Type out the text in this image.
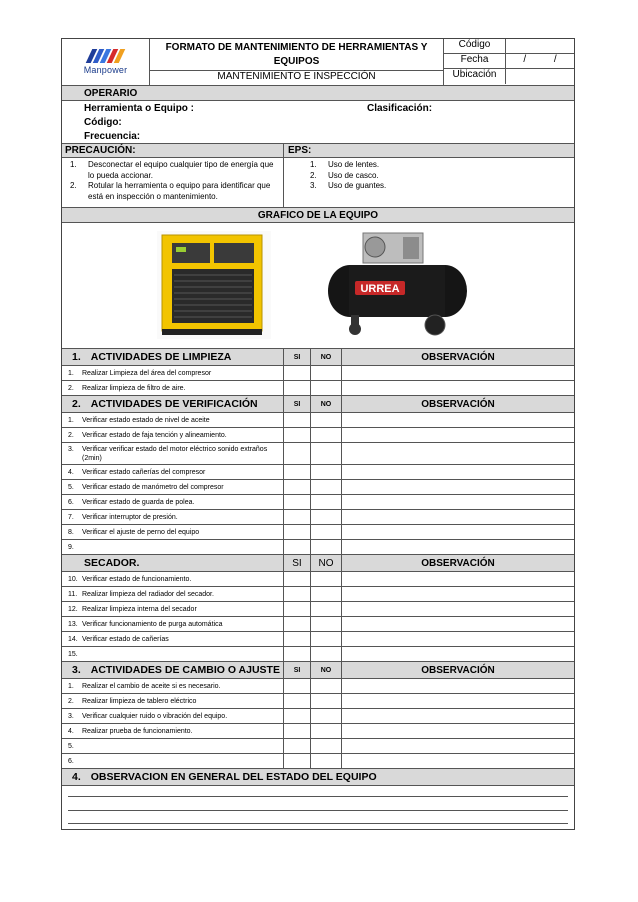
Manpower
FORMATO DE MANTENIMIENTO DE HERRAMIENTAS Y EQUIPOS
MANTENIMIENTO E INSPECCIÓN
Código
Fecha	/          /
Ubicación
OPERARIO
Herramienta o Equipo :	Clasificación:
Código:
Frecuencia:
PRECAUCIÓN:	EPS:
1.	Desconectar el equipo cualquier tipo de energía que lo pueda accionar.
2.	Rotular la herramienta o equipo para identificar que está en inspección o mantenimiento.
1.	Uso de lentes.
2.	Uso de casco.
3.	Uso de guantes.
GRAFICO DE LA EQUIPO
URREA
1. ACTIVIDADES DE LIMPIEZA	SI	NO	OBSERVACIÓN
1.	Realizar Limpieza del área del compresor
2.	Realizar limpieza de filtro de aire.
2. ACTIVIDADES DE VERIFICACIÓN	SI	NO	OBSERVACIÓN
1.	Verificar estado estado de nivel de aceite
2.	Verificar estado de faja tención y alineamiento.
3.	Verificar verificar estado del motor eléctrico sonido extraños (2min)
4.	Verificar estado cañerías del compresor
5.	Verificar estado de manómetro del compresor
6.	Verificar estado de guarda de polea.
7.	Verificar interruptor de presión.
8.	Verificar el ajuste de perno del equipo
9.
SECADOR.	SI	NO	OBSERVACIÓN
10. Verificar estado de funcionamiento.
11. Realizar limpieza del radiador del secador.
12. Realizar limpieza interna del secador
13. Verificar funcionamiento de purga automática
14. Verificar estado de cañerías
15.
3. ACTIVIDADES DE CAMBIO O AJUSTE	SI	NO	OBSERVACIÓN
1.	Realizar el cambio de aceite si es necesario.
2.	Realizar limpieza de tablero eléctrico
3.	Verificar cualquier ruido o vibración del equipo.
4.	Realizar prueba de funcionamiento.
5.
6.
4. OBSERVACION EN GENERAL DEL ESTADO DEL EQUIPO
